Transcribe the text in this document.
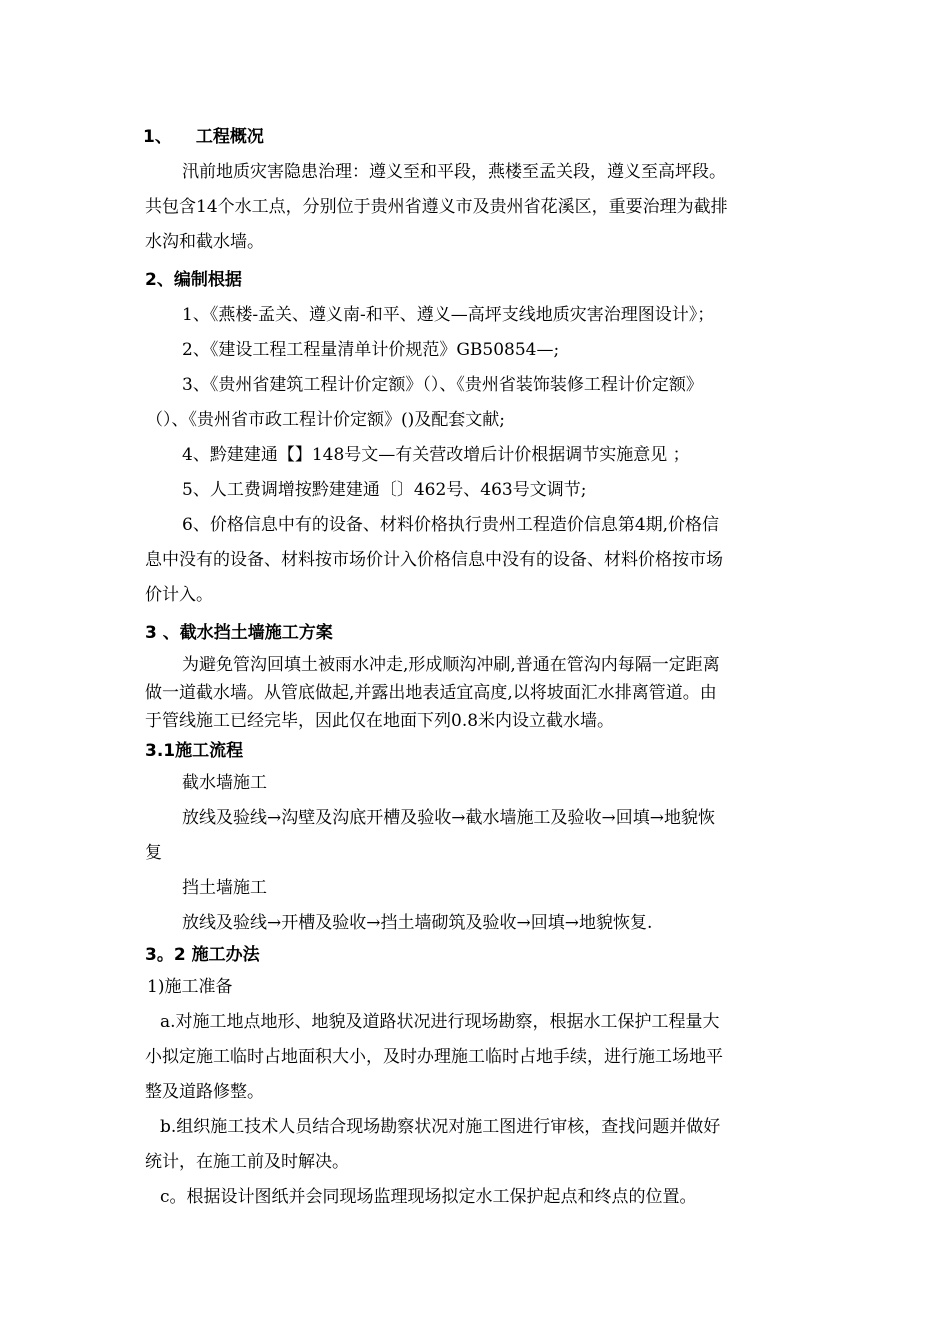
1、 工程概况
汛前地质灾害隐患治理：遵义至和平段，燕楼至孟关段，遵义至高坪段。
共包含14个水工点，分别位于贵州省遵义市及贵州省花溪区，重要治理为截排
水沟和截水墙。
2、编制根据
1、《燕楼-孟关、遵义南-和平、遵义—高坪支线地质灾害治理图设计》；
2、《建设工程工程量清单计价规范》GB50854—;
3、《贵州省建筑工程计价定额》（）、《贵州省装饰装修工程计价定额》
（）、《贵州省市政工程计价定额》()及配套文献;
4、黔建建通【】148号文—有关营改增后计价根据调节实施意见 ；
5、人工费调增按黔建建通〔〕462号、463号文调节;
6、价格信息中有的设备、材料价格执行贵州工程造价信息第4期,价格信
息中没有的设备、材料按市场价计入价格信息中没有的设备、材料价格按市场
价计入。
3 、截水挡土墙施工方案
为避免管沟回填土被雨水冲走,形成顺沟冲刷,普通在管沟内每隔一定距离
做一道截水墙。从管底做起,并露出地表适宜高度,以将坡面汇水排离管道。由
于管线施工已经完毕，因此仅在地面下列0.8米内设立截水墙。
3.1施工流程
截水墙施工
放线及验线→沟壁及沟底开槽及验收→截水墙施工及验收→回填→地貌恢
复
挡土墙施工
放线及验线→开槽及验收→挡土墙砌筑及验收→回填→地貌恢复.
3。2 施工办法
1)施工准备
a.对施工地点地形、地貌及道路状况进行现场勘察，根据水工保护工程量大
小拟定施工临时占地面积大小，及时办理施工临时占地手续，进行施工场地平
整及道路修整。
b.组织施工技术人员结合现场勘察状况对施工图进行审核，查找问题并做好
统计，在施工前及时解决。
c。根据设计图纸并会同现场监理现场拟定水工保护起点和终点的位置。
